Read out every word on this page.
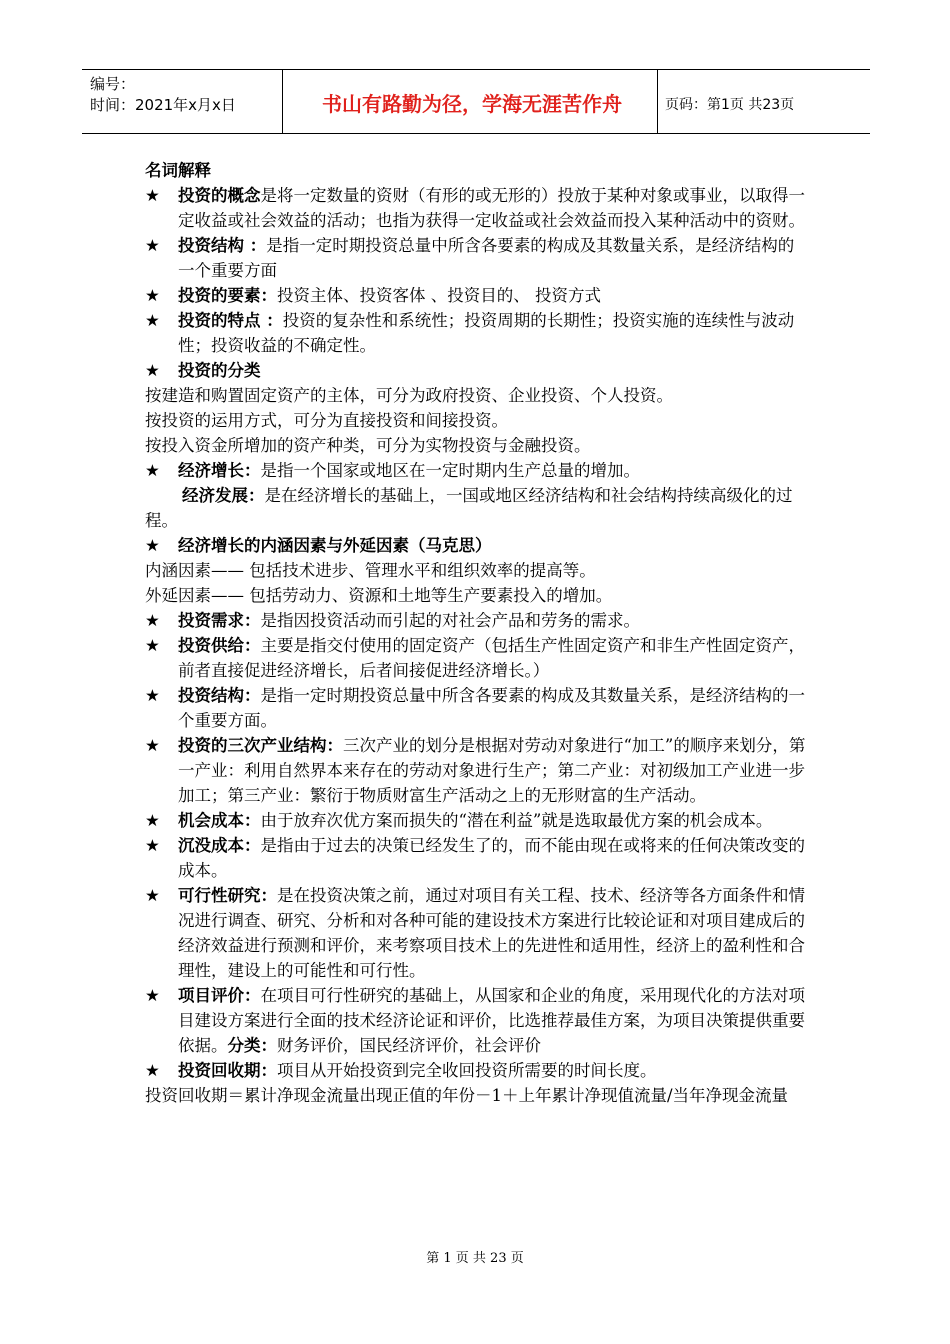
编号：
时间：2021年x月x日	书山有路勤为径，学海无涯苦作舟	页码：第1页 共23页
名词解释
★ 投资的概念是将一定数量的资财（有形的或无形的）投放于某种对象或事业，以取得一定收益或社会效益的活动；也指为获得一定收益或社会效益而投入某种活动中的资财。
★ 投资结构 ：是指一定时期投资总量中所含各要素的构成及其数量关系，是经济结构的一个重要方面
★ 投资的要素：投资主体、投资客体 、投资目的、 投资方式
★ 投资的特点 ：投资的复杂性和系统性；投资周期的长期性；投资实施的连续性与波动性；投资收益的不确定性。
★ 投资的分类
按建造和购置固定资产的主体，可分为政府投资、企业投资、个人投资。
按投资的运用方式，可分为直接投资和间接投资。
按投入资金所增加的资产种类，可分为实物投资与金融投资。
★ 经济增长：是指一个国家或地区在一定时期内生产总量的增加。
经济发展：是在经济增长的基础上，一国或地区经济结构和社会结构持续高级化的过程。
★ 经济增长的内涵因素与外延因素（马克思）
内涵因素—— 包括技术进步、管理水平和组织效率的提高等。
外延因素—— 包括劳动力、资源和土地等生产要素投入的增加。
★ 投资需求：是指因投资活动而引起的对社会产品和劳务的需求。
★ 投资供给：主要是指交付使用的固定资产（包括生产性固定资产和非生产性固定资产，前者直接促进经济增长，后者间接促进经济增长。）
★ 投资结构：是指一定时期投资总量中所含各要素的构成及其数量关系，是经济结构的一个重要方面。
★ 投资的三次产业结构：三次产业的划分是根据对劳动对象进行“加工”的顺序来划分，第一产业：利用自然界本来存在的劳动对象进行生产；第二产业：对初级加工产业进一步加工；第三产业：繁衍于物质财富生产活动之上的无形财富的生产活动。
★ 机会成本：由于放弃次优方案而损失的“潜在利益”就是选取最优方案的机会成本。
★ 沉没成本：是指由于过去的决策已经发生了的，而不能由现在或将来的任何决策改变的成本。
★ 可行性研究：是在投资决策之前，通过对项目有关工程、技术、经济等各方面条件和情况进行调查、研究、分析和对各种可能的建设技术方案进行比较论证和对项目建成后的经济效益进行预测和评价，来考察项目技术上的先进性和适用性，经济上的盈利性和合理性，建设上的可能性和可行性。
★ 项目评价：在项目可行性研究的基础上，从国家和企业的角度，采用现代化的方法对项目建设方案进行全面的技术经济论证和评价，比选推荐最佳方案，为项目决策提供重要依据。分类：财务评价，国民经济评价，社会评价
★ 投资回收期：项目从开始投资到完全收回投资所需要的时间长度。
投资回收期＝累计净现金流量出现正值的年份－1＋上年累计净现值流量/当年净现金流量
第 1 页 共 23 页
